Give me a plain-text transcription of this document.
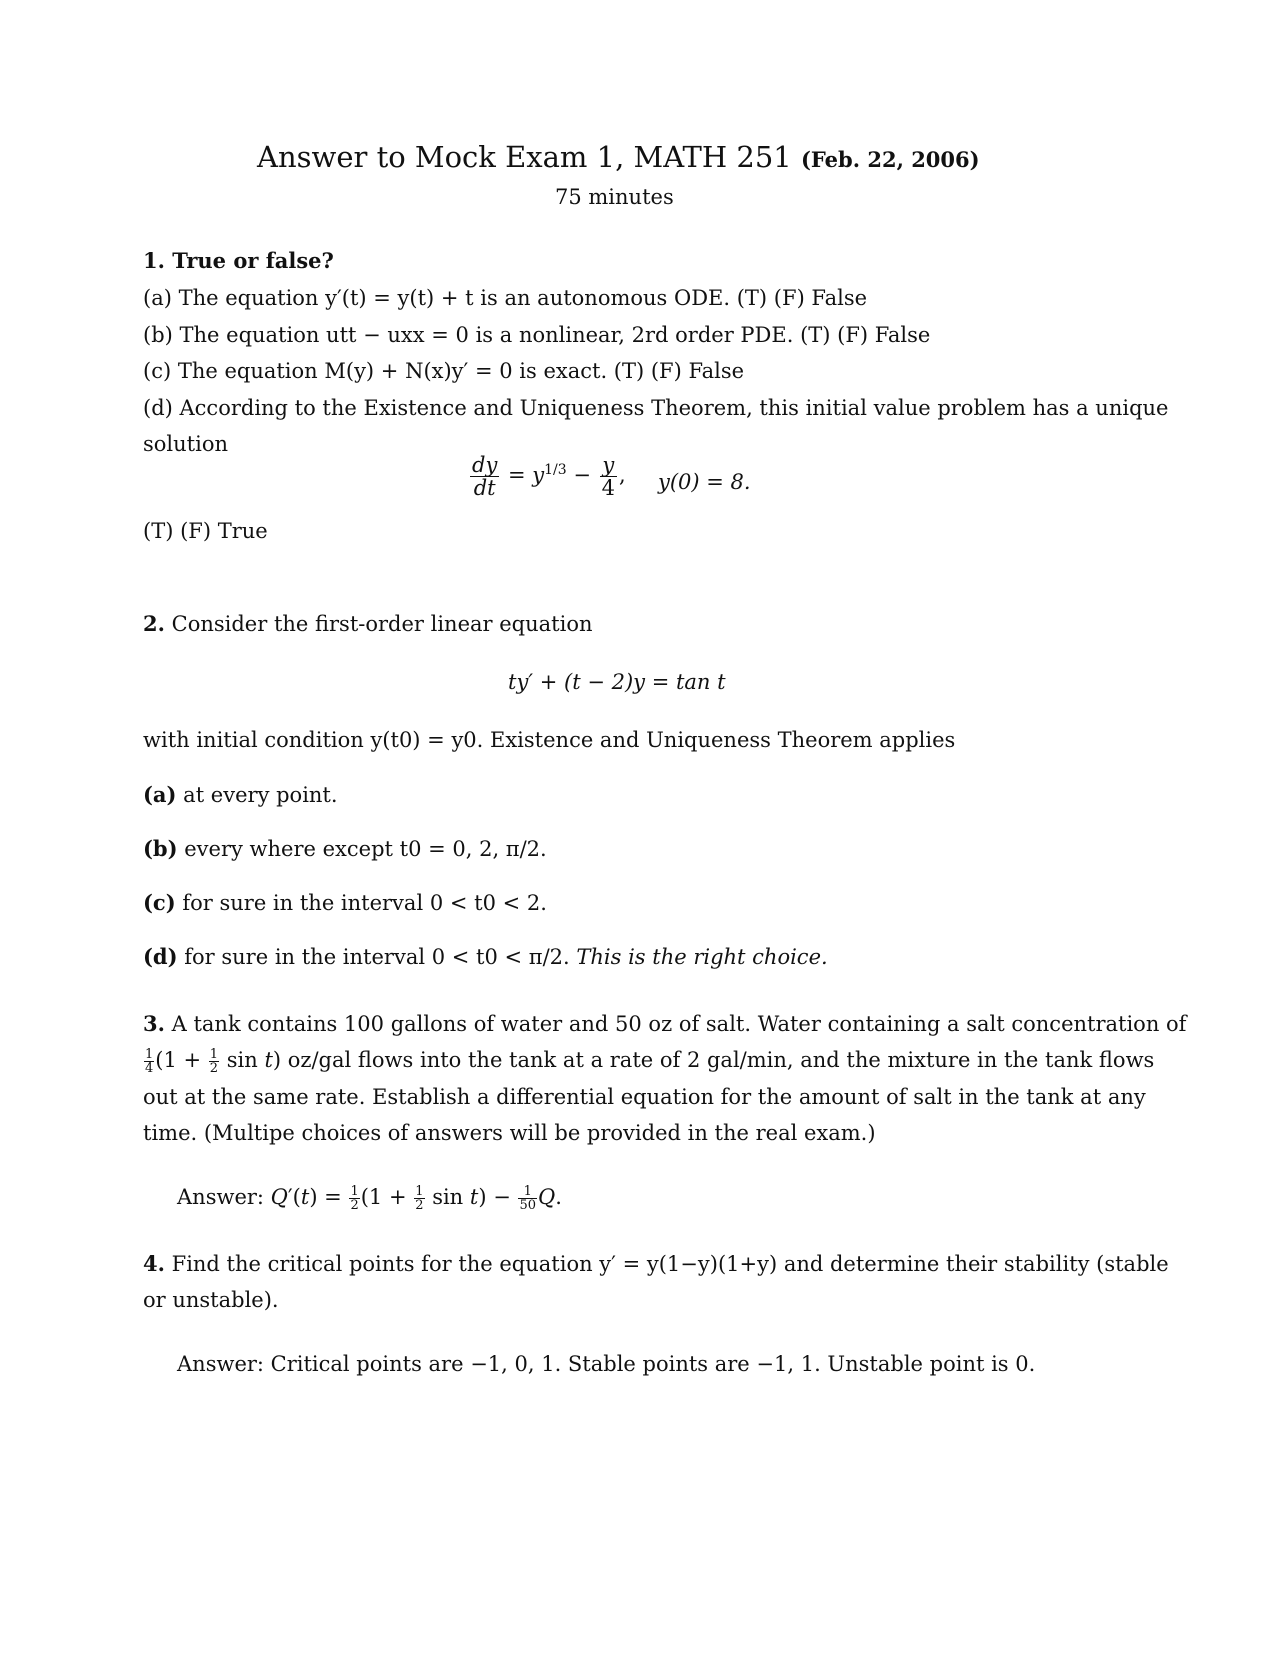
Answer to Mock Exam 1, MATH 251 (Feb. 22, 2006)
75 minutes
1. True or false?
(a) The equation y′(t) = y(t) + t is an autonomous ODE. (T) (F) False
(b) The equation utt − uxx = 0 is a nonlinear, 2rd order PDE. (T) (F) False
(c) The equation M(y) + N(x)y′ = 0 is exact. (T) (F) False
(d) According to the Existence and Uniqueness Theorem, this initial value problem has a unique
solution
$\frac{dy}{dt} = y^{1/3} - \frac{y}{4}$ , y(0) = 8.
(T) (F) True
2. Consider the first-order linear equation
ty′ + (t − 2)y = tan t
with initial condition y(t0) = y0. Existence and Uniqueness Theorem applies
(a) at every point.
(b) every where except t0 = 0, 2, π/2.
(c) for sure in the interval 0 < t0 < 2.
(d) for sure in the interval 0 < t0 < π/2. This is the right choice.
3. A tank contains 100 gallons of water and 50 oz of salt. Water containing a salt concentration of
$\frac{1}{4} (1 + \frac{1}{2}$ sin t) oz/gal flows into the tank at a rate of 2 gal/min, and the mixture in the tank flows
out at the same rate. Establish a differential equation for the amount of salt in the tank at any
time. (Multipe choices of answers will be provided in the real exam.)
Answer: $Q'(t) = \frac{1}{2} (1 + \frac{1}{2}$ $\sin t) - \frac{1}{50} Q$.
4. Find the critical points for the equation y′ = y(1−y)(1+y) and determine their stability (stable
or unstable).
Answer: Critical points are −1, 0, 1. Stable points are −1, 1. Unstable point is 0.
